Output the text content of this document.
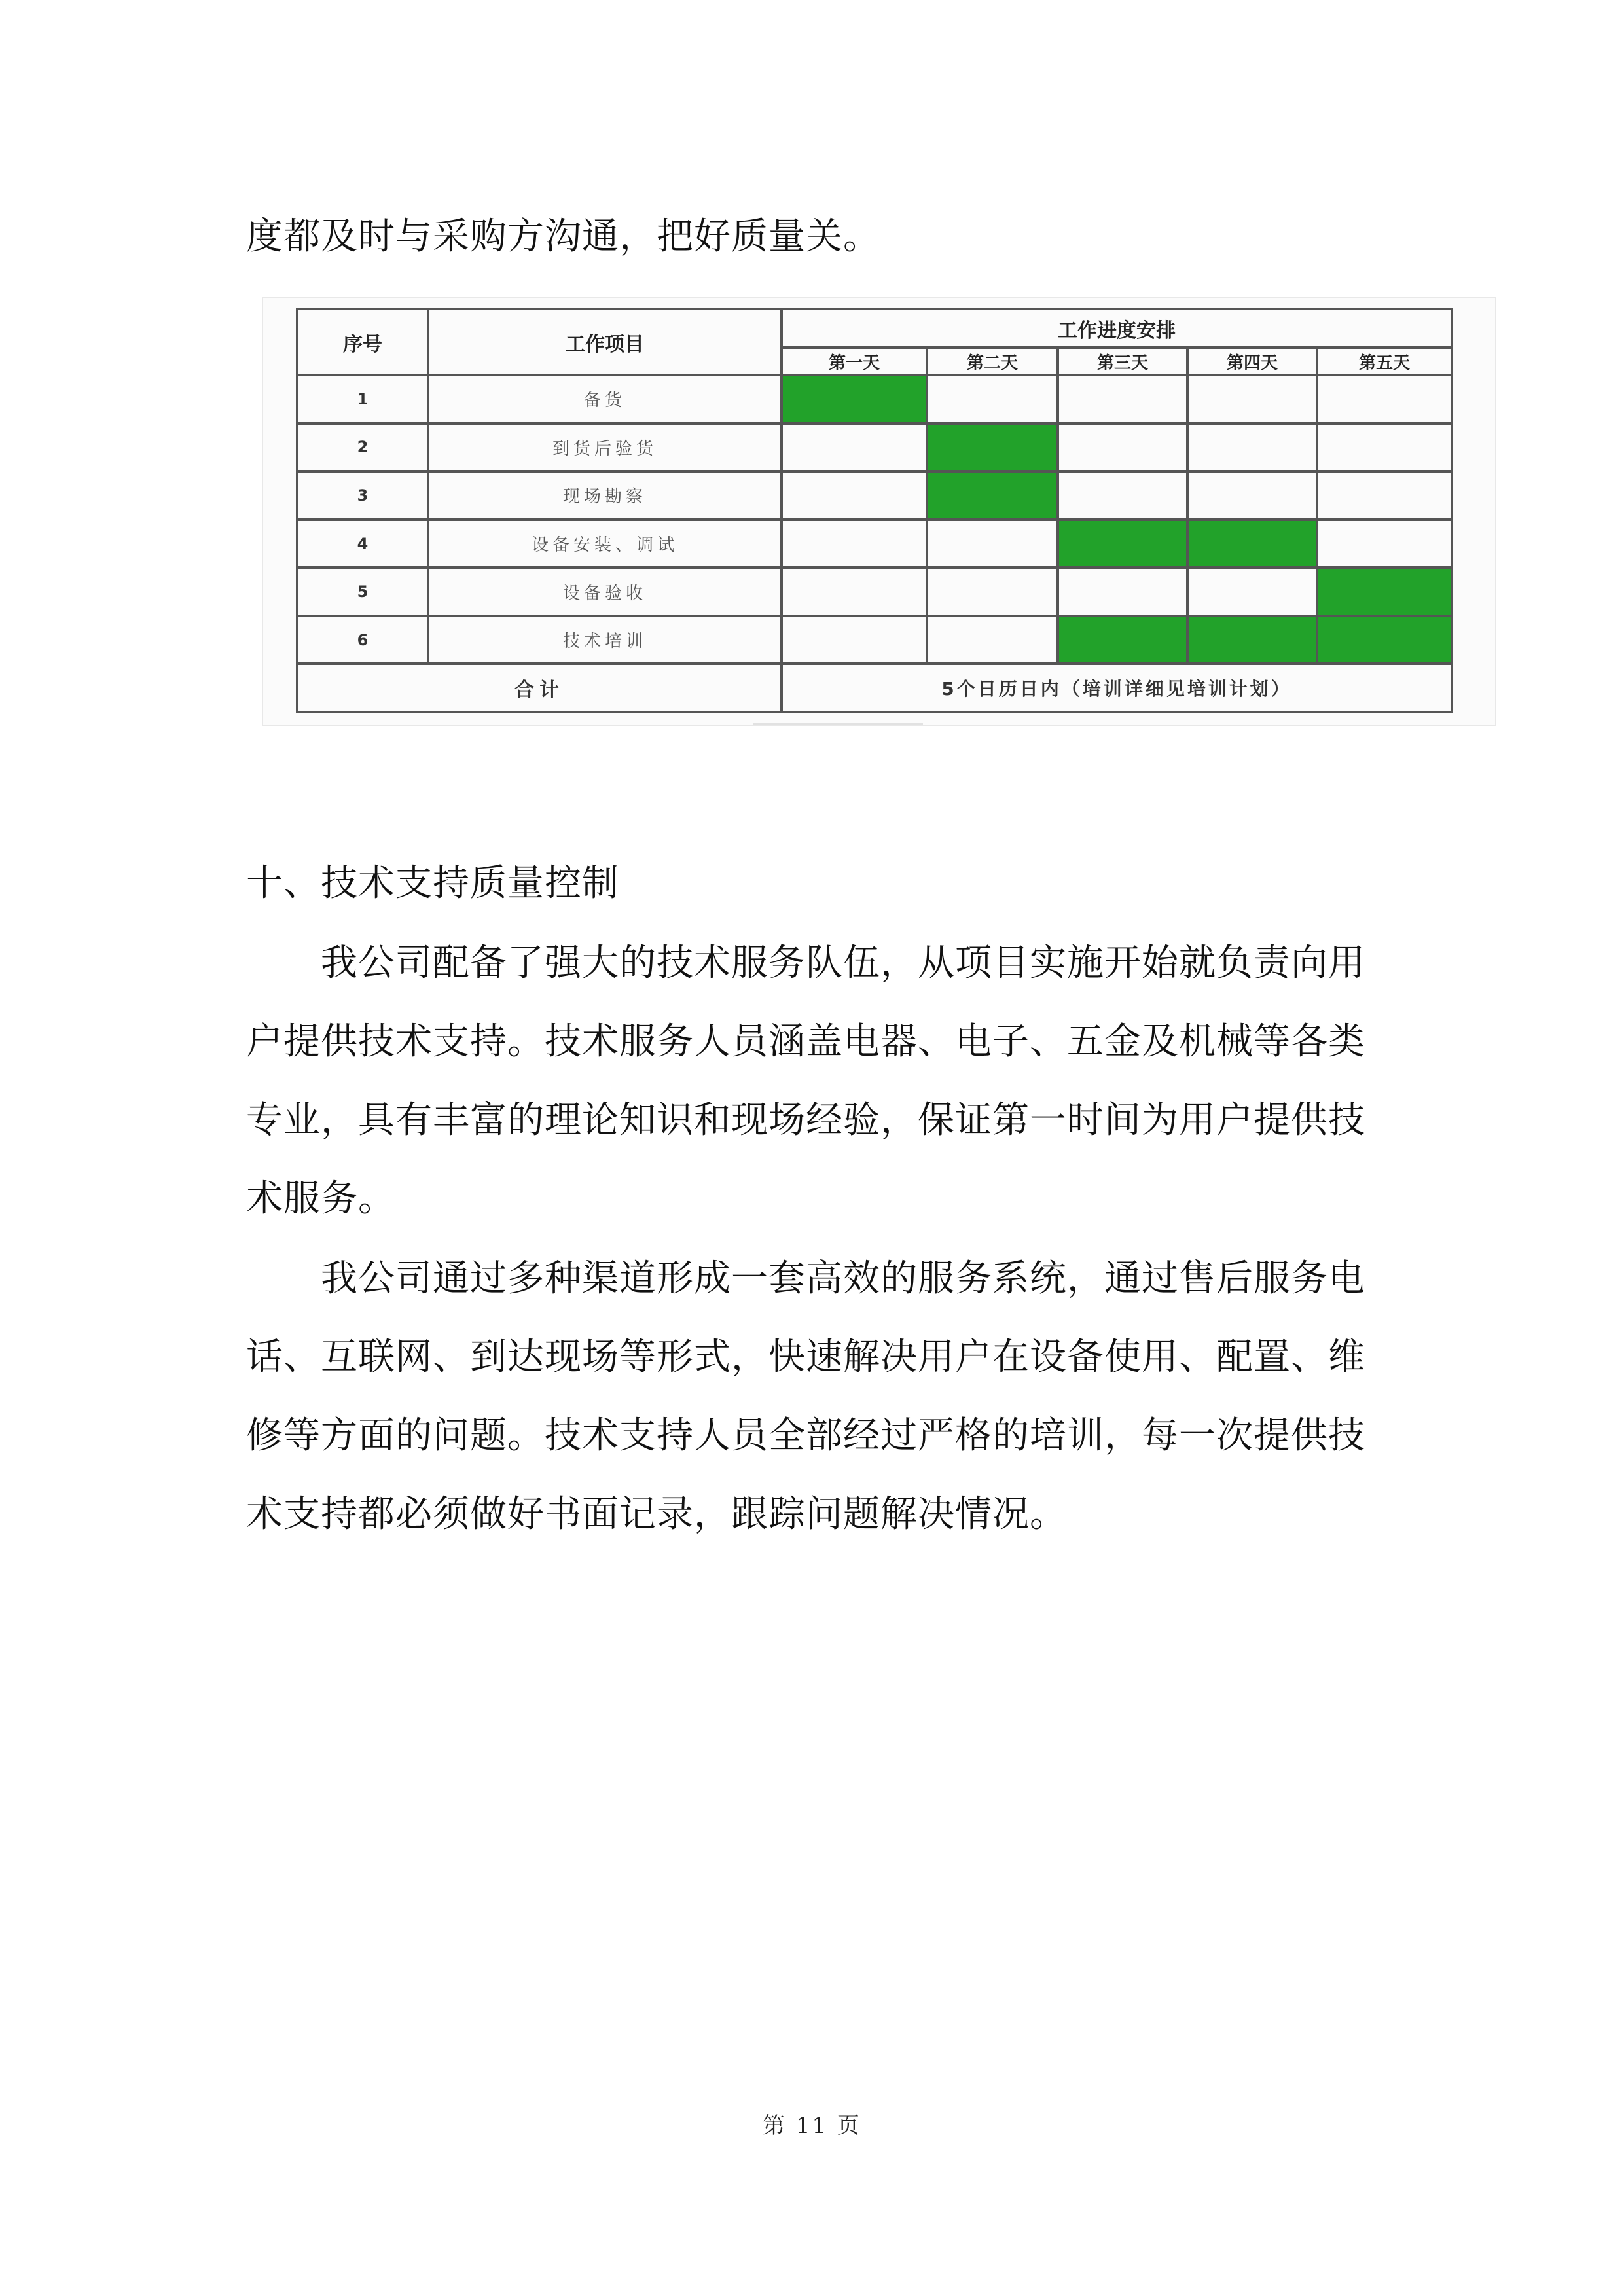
度都及时与采购方沟通，把好质量关。

序号	工作项目	工作进度安排				
		第一天	第二天	第三天	第四天	第五天
1	备货					
2	到货后验货					
3	现场勘察					
4	设备安装、调试					
5	设备验收					
6	技术培训					
合计		5个日历日内（培训详细见培训计划）				

十、技术支持质量控制

我公司配备了强大的技术服务队伍，从项目实施开始就负责向用

户提供技术支持。技术服务人员涵盖电器、电子、五金及机械等各类

专业，具有丰富的理论知识和现场经验，保证第一时间为用户提供技

术服务。

我公司通过多种渠道形成一套高效的服务系统，通过售后服务电

话、互联网、到达现场等形式，快速解决用户在设备使用、配置、维

修等方面的问题。技术支持人员全部经过严格的培训，每一次提供技

术支持都必须做好书面记录，跟踪问题解决情况。

第 11 页
